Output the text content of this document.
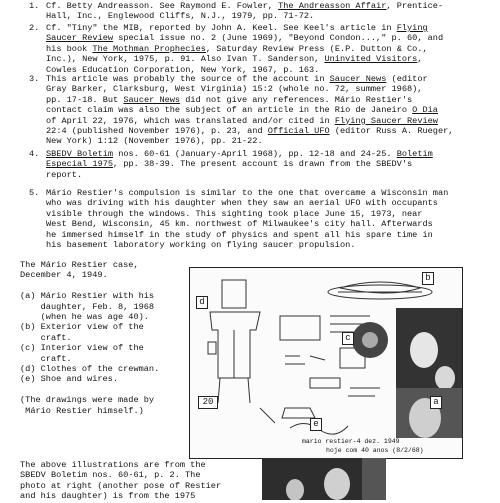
1. Cf. Betty Andreasson. See Raymond E. Fowler, The Andreasson Affair, Prentice-
Hall, Inc., Englewood Cliffs, N.J., 1979, pp. 71-72.
2. Cf. "Tiny" the MIB, reported by John A. Keel. See Keel's article in Flying
Saucer Review special issue no. 2 (June 1969), "Beyond Condon...," p. 60, and
his book The Mothman Prophecies, Saturday Review Press (E.P. Dutton & Co.,
Inc.), New York, 1975, p. 91. Also Ivan T. Sanderson, Uninvited Visitors,
Cowles Education Corporation, New York, 1967, p. 163.
3. This article was probably the source of the account in Saucer News (editor
Gray Barker, Clarksburg, West Virginia) 15:2 (whole no. 72, summer 1968),
pp. 17-18. But Saucer News did not give any references. Mário Restier's
contact claim was also the subject of an article in the Rio de Janeiro O Dia
of April 22, 1976, which was translated and/or cited in Flying Saucer Review
22:4 (published November 1976), p. 23, and Official UFO (editor Russ A. Rueger,
New York) 1:12 (November 1976), pp. 21-22.
4. SBEDV Boletim nos. 60-61 (January-April 1968), pp. 12-18 and 24-25. Boletim
Especial 1975, pp. 38-39. The present account is drawn from the SBEDV's
report.
5. Mário Restier's compulsion is similar to the one that overcame a Wisconsin man
who was driving with his daughter when they saw an aerial UFO with occupants
visible through the windows. This sighting took place June 15, 1973, near
West Bend, Wisconsin, 45 km. northwest of Milwaukee's city hall. Afterwards
he immersed himself in the study of physics and spent all his spare time in
his basement laboratory working on flying saucer propulsion.
The Mário Restier case,
December 4, 1949.

(a) Mário Restier with his
daughter, Feb. 8, 1968
(when he was age 40).
(b) Exterior view of the
craft.
(c) Interior view of the
craft.
(d) Clothes of the crewman.
(e) Shoe and wires.

(The drawings were made by
Mário Restier himself.)
b
d
c
e
a
20
mario restier-4 dez. 1949
hoje com 40 anos (8/2/68)
The above illustrations are from the
SBEDV Boletim nos. 60-61, p. 2. The
photo at right (another pose of Restier
and his daughter) is from the 1975
